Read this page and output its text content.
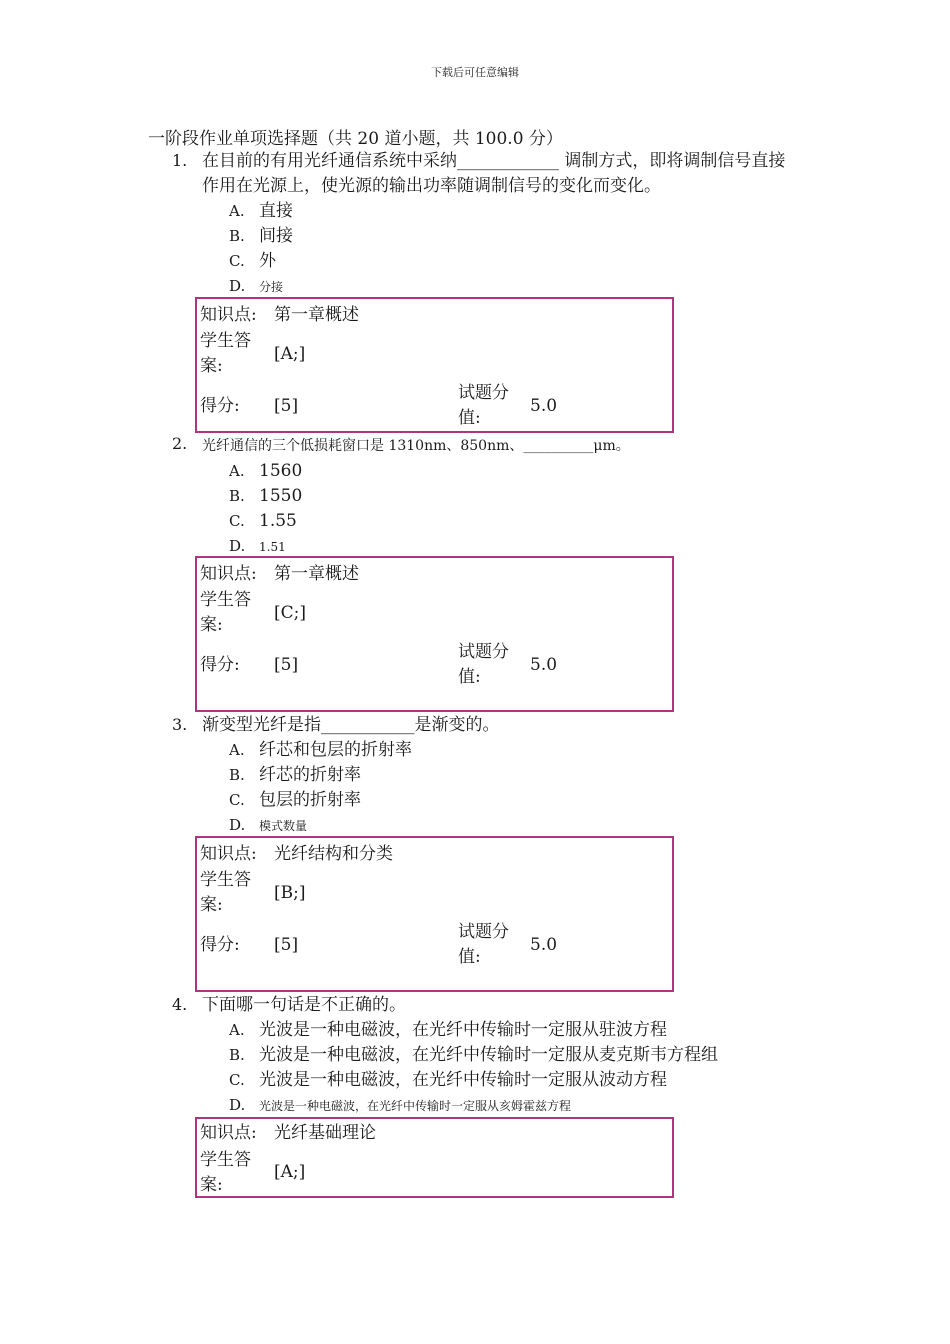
下载后可任意编辑
一阶段作业单项选择题（共 20 道小题，共 100.0 分）
1. 在目前的有用光纤通信系统中采纳____________ 调制方式，即将调制信号直接作用在光源上，使光源的输出功率随调制信号的变化而变化。
A. 直接
B. 间接
C. 外
D. 分接
知识点: 第一章概述
学生答
案:
[A;]
得分: [5]
试题分
值:
5.0
2. 光纤通信的三个低损耗窗口是 1310nm、850nm、__________μm。
A. 1560
B. 1550
C. 1.55
D. 1.51
知识点: 第一章概述
学生答
案:
[C;]
得分: [5]
试题分
值:
5.0
3. 渐变型光纤是指___________是渐变的。
A. 纤芯和包层的折射率
B. 纤芯的折射率
C. 包层的折射率
D. 模式数量
知识点: 光纤结构和分类
学生答
案:
[B;]
得分: [5]
试题分
值:
5.0
4. 下面哪一句话是不正确的。
A. 光波是一种电磁波，在光纤中传输时一定服从驻波方程
B. 光波是一种电磁波，在光纤中传输时一定服从麦克斯韦方程组
C. 光波是一种电磁波，在光纤中传输时一定服从波动方程
D. 光波是一种电磁波，在光纤中传输时一定服从亥姆霍兹方程
知识点: 光纤基础理论
学生答
案:
[A;]
